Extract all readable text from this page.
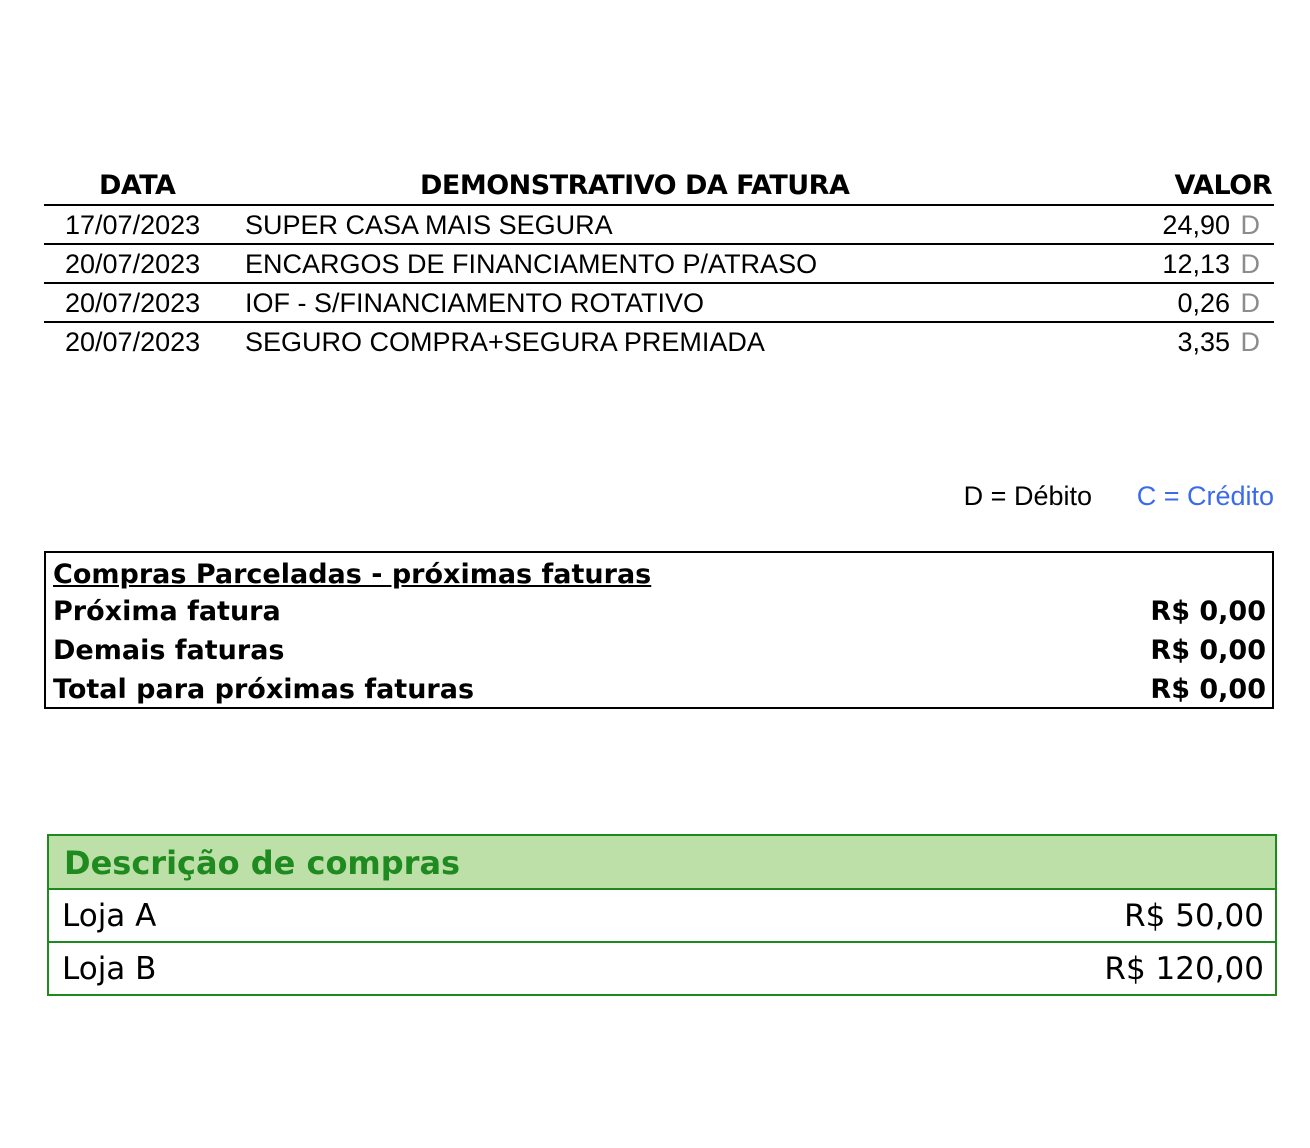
DATA	DEMONSTRATIVO DA FATURA	VALOR
17/07/2023 SUPER CASA MAIS SEGURA	24,90 D
20/07/2023 ENCARGOS DE FINANCIAMENTO P/ATRASO	12,13 D
20/07/2023 IOF - S/FINANCIAMENTO ROTATIVO	0,26 D
20/07/2023 SEGURO COMPRA+SEGURA PREMIADA	3,35 D
D = Débito C = Crédito
Compras Parceladas - próximas faturas
Próxima fatura	R$ 0,00
Demais faturas	R$ 0,00
Total para próximas faturas	R$ 0,00
Descrição de compras
Loja A	R$ 50,00
Loja B	R$ 120,00
